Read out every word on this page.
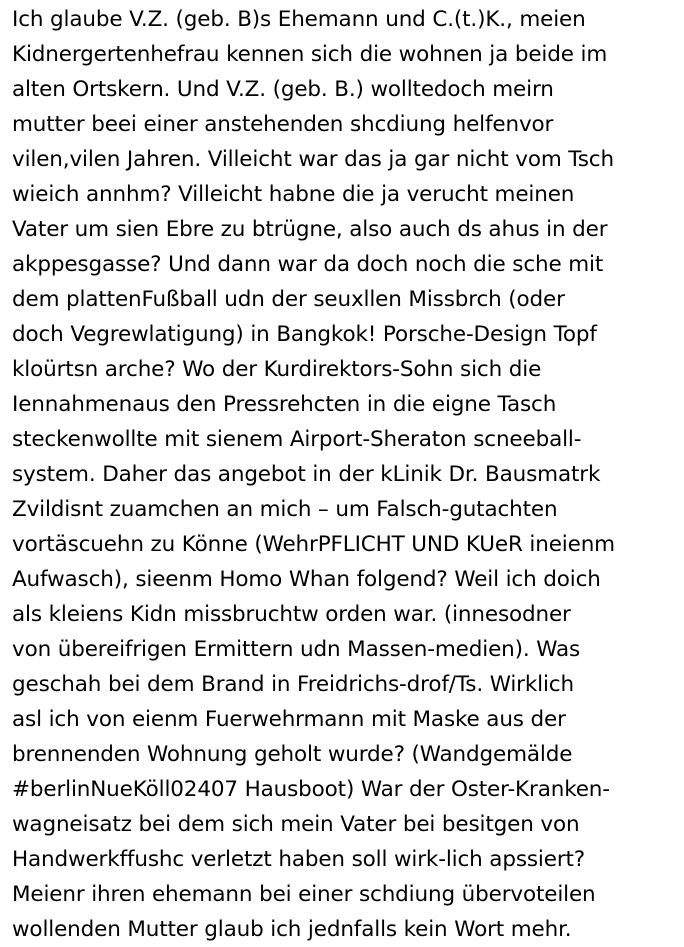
Ich glaube V.Z. (geb. B)s Ehemann und C.(t.)K., meien
Kidnergertenhefrau kennen sich die wohnen ja beide im
alten Ortskern. Und V.Z. (geb. B.) wolltedoch meirn
mutter beei einer anstehenden shcdiung helfenvor
vilen,vilen Jahren. Villeicht war das ja gar nicht vom Tsch
wieich annhm? Villeicht habne die ja veruсht meinen
Vater um sien Ebre zu btrügne, also auch ds ahus in der
akppesgasse? Und dann war da doch noch die sche mit
dem plattenFußball udn der seuxllen Missbrch (oder
doch Vegrewlatigung) in Bangkok! Porsche-Design Topf
kloürtsn arche? Wo der Kurdirektors-Sohn sich die
Iennahmenaus den Pressrehcten in die eigne Tasch
steckenwollte mit sienem Airport-Sheraton scneeball-
system. Daher das angebot in der kLinik Dr. Bausmatrk
Zvildisnt zuamchen an mich – um Falsch-gutachten
vortäscuehn zu Könne (WehrPFLICHT UND KUeR ineienm
Aufwasch), sieenm Homo Whan folgend? Weil ich doich
als kleiens Kidn missbruchtw orden war. (innesodner
von übereifrigen Ermittern udn Massen-medien). Was
geschah bei dem Brand in Freidrichs-drof/Ts. Wirklich
asl ich von eienm Fuerwehrmann mit Maske aus der
brennenden Wohnung geholt wurde? (Wandgemälde
#berlinNueKöll02407 Hausboot) War der Oster-Kranken-
wagneisatz bei dem sich mein Vater bei besitgen von
Handwerkffushc verletzt haben soll wirk-lich apssiert?
Meienr ihren ehemann bei einer schdiung übervoteilen
wollenden Mutter glaub ich jednfalls kein Wort mehr.
